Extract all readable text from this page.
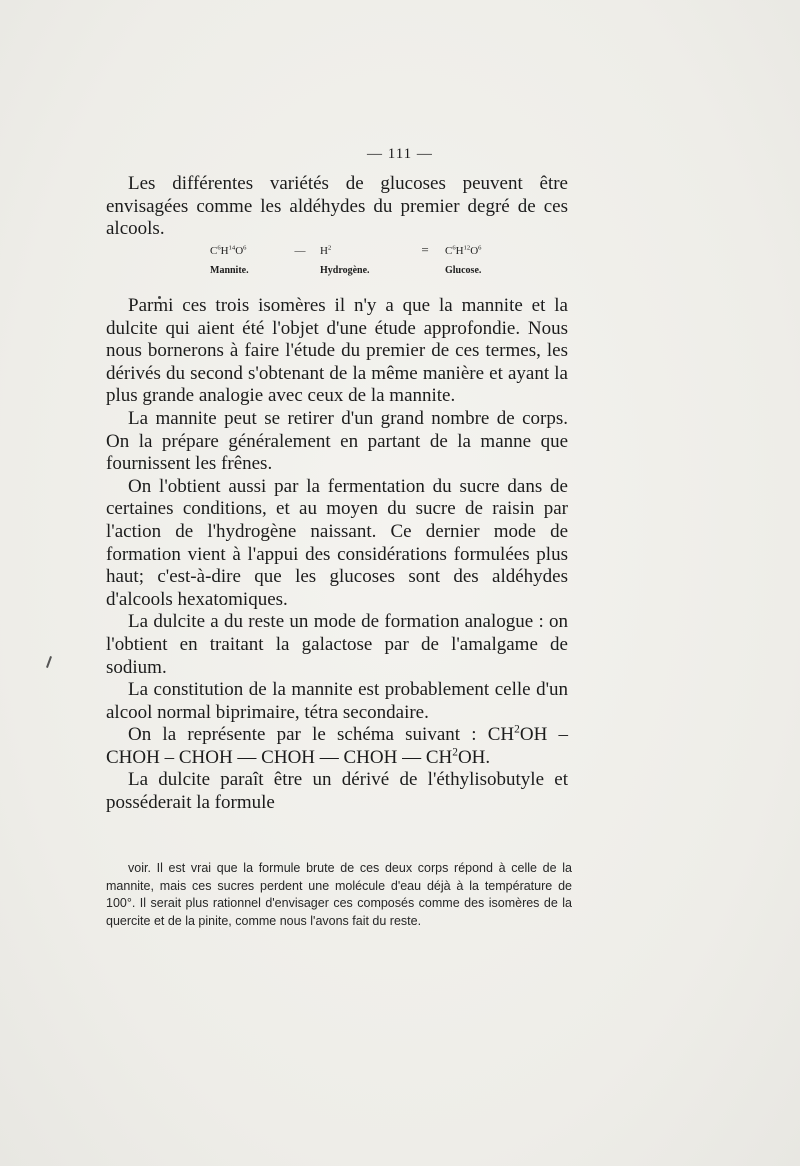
— 111 —

Les différentes variétés de glucoses peuvent être envisagées comme les aldéhydes du premier degré de ces alcools.

$C^6H^{14}O^6$	—	$H^2$	=	$C^6H^{12}O^6$
Mannite.	Hydrogène.	Glucose.

Parmi ces trois isomères il n'y a que la mannite et la dulcite qui aient été l'objet d'une étude approfondie. Nous nous bornerons à faire l'étude du premier de ces termes, les dérivés du second s'obtenant de la même manière et ayant la plus grande analogie avec ceux de la mannite.

La mannite peut se retirer d'un grand nombre de corps. On la prépare généralement en partant de la manne que fournissent les frênes.

On l'obtient aussi par la fermentation du sucre dans de certaines conditions, et au moyen du sucre de raisin par l'action de l'hydrogène naissant. Ce dernier mode de formation vient à l'appui des considérations formulées plus haut; c'est-à-dire que les glucoses sont des aldéhydes d'alcools hexatomiques.

La dulcite a du reste un mode de formation analogue : on l'obtient en traitant la galactose par de l'amalgame de sodium.

La constitution de la mannite est probablement celle d'un alcool normal biprimaire, tétra secondaire.

On la représente par le schéma suivant : $CH^2OH$ – CHOH – CHOH — CHOH — CHOH — $CH^2OH$.

La dulcite paraît être un dérivé de l'éthylisobutyle et posséderait la formule

voir. Il est vrai que la formule brute de ces deux corps répond à celle de la mannite, mais ces sucres perdent une molécule d'eau déjà à la température de 100°. Il serait plus rationnel d'envisager ces composés comme des isomères de la quercite et de la pinite, comme nous l'avons fait du reste.
